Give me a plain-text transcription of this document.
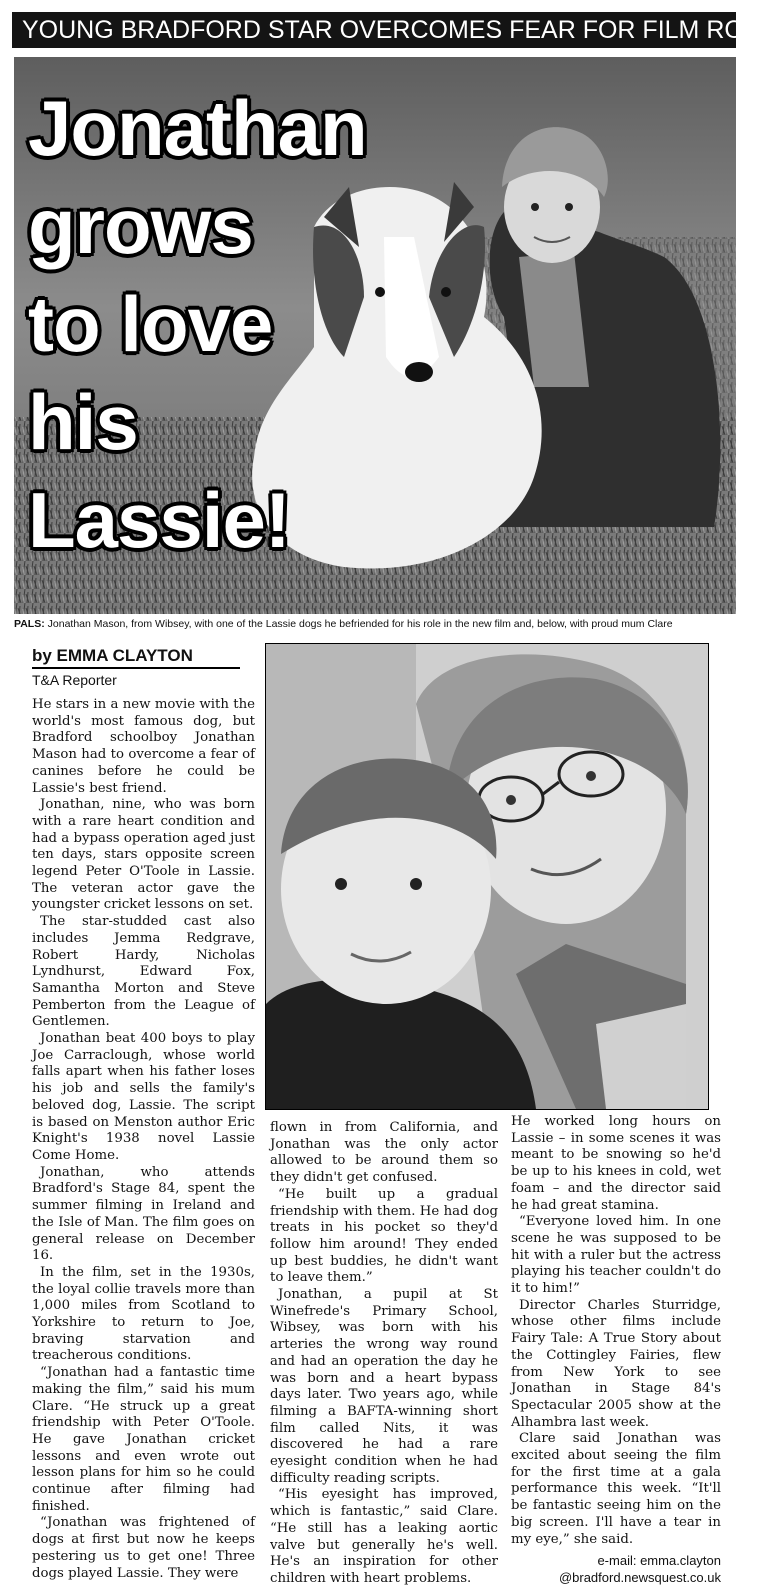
YOUNG BRADFORD STAR OVERCOMES FEAR FOR FILM ROLE
Jonathan
grows
to love
his
Lassie!
PALS: Jonathan Mason, from Wibsey, with one of the Lassie dogs he befriended for his role in the new film and, below, with proud mum Clare
by EMMA CLAYTON
T&A Reporter

He stars in a new movie with the world's most famous dog, but Bradford schoolboy Jonathan Mason had to overcome a fear of canines before he could be Lassie's best friend.

Jonathan, nine, who was born with a rare heart condition and had a bypass operation aged just ten days, stars opposite screen legend Peter O'Toole in Lassie. The veteran actor gave the youngster cricket lessons on set.

The star-studded cast also includes Jemma Redgrave, Robert Hardy, Nicholas Lyndhurst, Edward Fox, Samantha Morton and Steve Pemberton from the League of Gentlemen.

Jonathan beat 400 boys to play Joe Carraclough, whose world falls apart when his father loses his job and sells the family's beloved dog, Lassie. The script is based on Menston author Eric Knight's 1938 novel Lassie Come Home.

Jonathan, who attends Bradford's Stage 84, spent the summer filming in Ireland and the Isle of Man. The film goes on general release on December 16.

In the film, set in the 1930s, the loyal collie travels more than 1,000 miles from Scotland to Yorkshire to return to Joe, braving starvation and treacherous conditions.

“Jonathan had a fantastic time making the film,” said his mum Clare. “He struck up a great friendship with Peter O'Toole. He gave Jonathan cricket lessons and even wrote out lesson plans for him so he could continue after filming had finished.

“Jonathan was frightened of dogs at first but now he keeps pestering us to get one! Three dogs played Lassie. They were

flown in from California, and Jonathan was the only actor allowed to be around them so they didn't get confused.

“He built up a gradual friendship with them. He had dog treats in his pocket so they'd follow him around! They ended up best buddies, he didn't want to leave them.”

Jonathan, a pupil at St Winefrede's Primary School, Wibsey, was born with his arteries the wrong way round and had an operation the day he was born and a heart bypass days later. Two years ago, while filming a BAFTA-winning short film called Nits, it was discovered he had a rare eyesight condition when he had difficulty reading scripts.

“His eyesight has improved, which is fantastic,” said Clare. “He still has a leaking aortic valve but generally he's well. He's an inspiration for other children with heart problems.

He worked long hours on Lassie – in some scenes it was meant to be snowing so he'd be up to his knees in cold, wet foam – and the director said he had great stamina.

“Everyone loved him. In one scene he was supposed to be hit with a ruler but the actress playing his teacher couldn't do it to him!”

Director Charles Sturridge, whose other films include Fairy Tale: A True Story about the Cottingley Fairies, flew from New York to see Jonathan in Stage 84's Spectacular 2005 show at the Alhambra last week.

Clare said Jonathan was excited about seeing the film for the first time at a gala performance this week. “It'll be fantastic seeing him on the big screen. I'll have a tear in my eye,” she said.

e-mail: emma.clayton
@bradford.newsquest.co.uk
